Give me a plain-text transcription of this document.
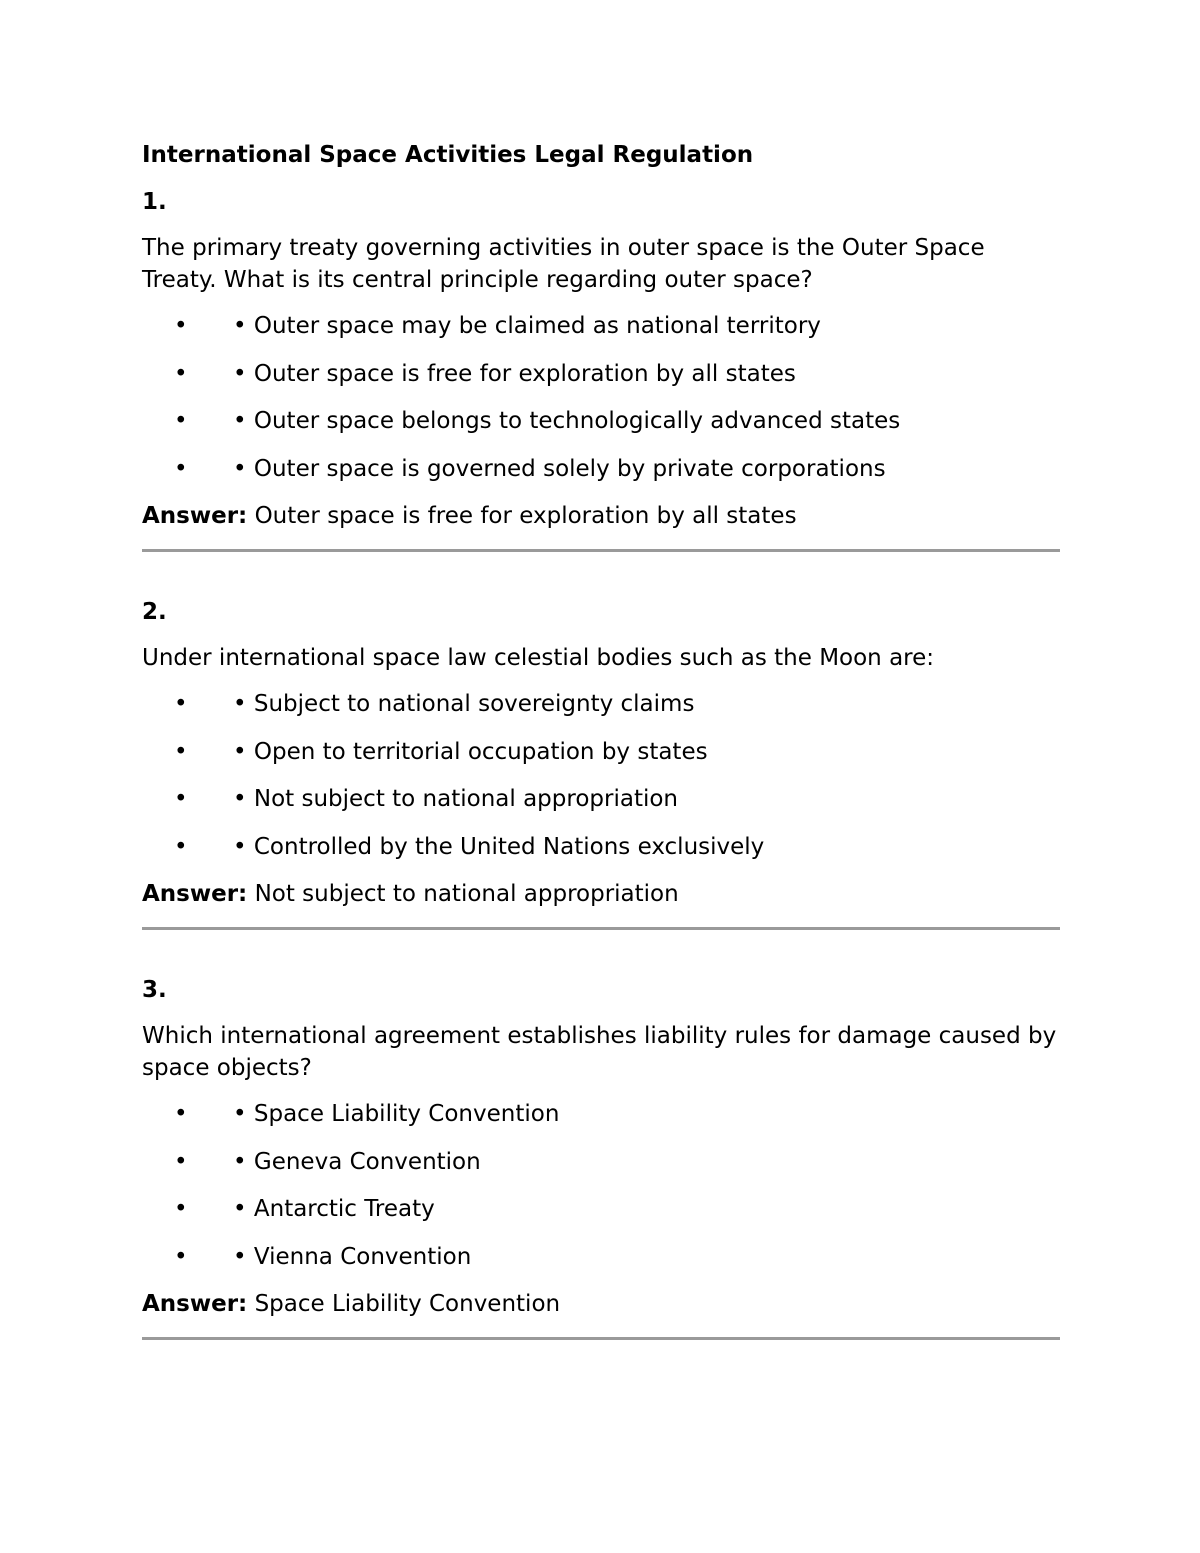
International Space Activities Legal Regulation
1.
The primary treaty governing activities in outer space is the Outer Space Treaty. What is its central principle regarding outer space?
• • Outer space may be claimed as national territory
• • Outer space is free for exploration by all states
• • Outer space belongs to technologically advanced states
• • Outer space is governed solely by private corporations
Answer: Outer space is free for exploration by all states
2.
Under international space law celestial bodies such as the Moon are:
• • Subject to national sovereignty claims
• • Open to territorial occupation by states
• • Not subject to national appropriation
• • Controlled by the United Nations exclusively
Answer: Not subject to national appropriation
3.
Which international agreement establishes liability rules for damage caused by space objects?
• • Space Liability Convention
• • Geneva Convention
• • Antarctic Treaty
• • Vienna Convention
Answer: Space Liability Convention
